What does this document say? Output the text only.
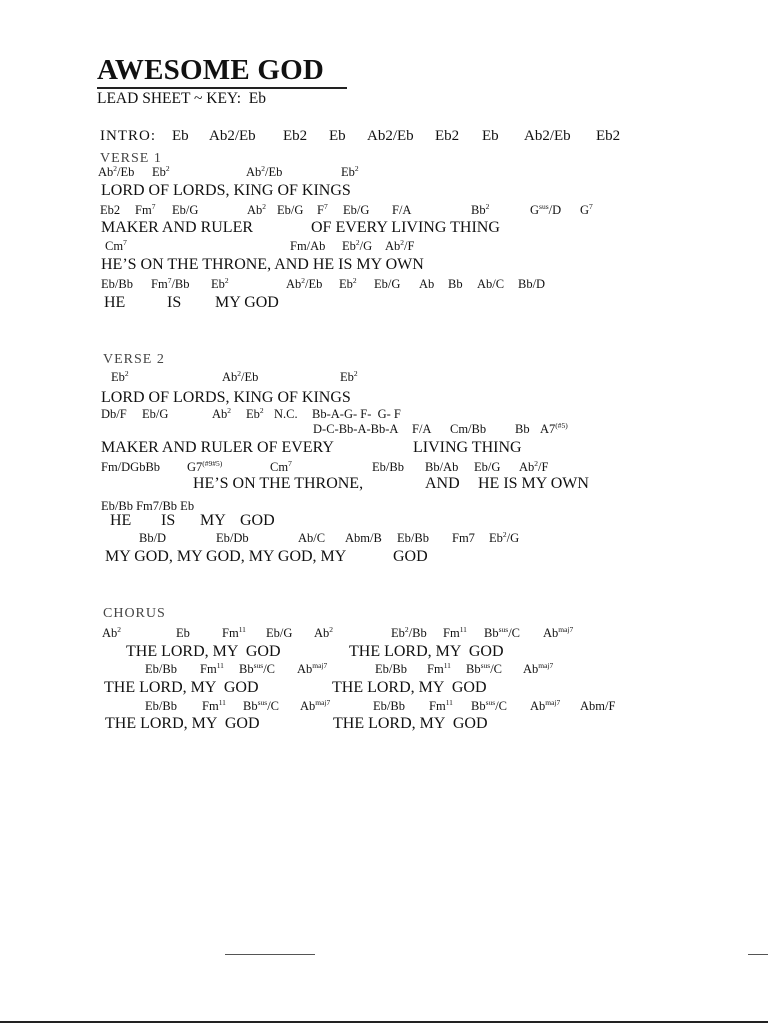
AWESOME GOD
LEAD SHEET ~ KEY:  Eb
INTRO: Eb Ab2/Eb Eb2 Eb Ab2/Eb Eb2 Eb Ab2/Eb Eb2
VERSE 1
Ab$^2$/Eb Eb$^2$	Ab$^2$/Eb	Eb$^2$
LORD OF LORDS, KING OF KINGS
Eb2 Fm$^7$ Eb/G	Ab$^2$ Eb/G $F^7$ Eb/G F/A	Bb$^2$	$G^{sus}/D$ $G^7$
MAKER AND RULER	OF EVERY LIVING THING
Cm$^7$	Fm/Ab Eb$^2$/G Ab$^2$/F
HE’S ON THE THRONE, AND HE IS MY OWN
Eb/Bb Fm$^7$/Bb Eb$^2$	Ab$^2$/Eb Eb$^2$ Eb/G Ab Bb Ab/C Bb/D
HE	IS MY GOD
VERSE 2
Eb$^2$	Ab$^2$/Eb	Eb$^2$
LORD OF LORDS, KING OF KINGS
Db/F Eb/G	Ab$^2$ Eb$^2$ N.C. Bb-A-G- F-  G- F
D-C-Bb-A-Bb-A F/A Cm/Bb Bb $A7^{(\#5)}$
MAKER AND RULER OF EVERY	LIVING THING
Fm/DGbBb $G7^{(\#9\#5)}$	Cm$^7$	Eb/Bb Bb/Ab Eb/G Ab$^2$/F
HE’S ON THE THRONE,	AND HE IS MY OWN
Eb/Bb Fm7/Bb Eb
HE IS MY GOD
Bb/D	Eb/Db	Ab/C Abm/B Eb/Bb Fm7 Eb$^2$/G
MY GOD, MY GOD, MY GOD, MY	GOD
CHORUS
Ab$^2$	Eb	Fm$^{11}$ Eb/G Ab$^2$	Eb$^2$/Bb Fm$^{11}$ $Bb^{sus}/C$ $Ab^{maj7}$
THE LORD, MY  GOD	THE LORD, MY  GOD
Eb/Bb Fm$^{11}$ $Bb^{sus}/C$ $Ab^{maj7}$	Eb/Bb Fm$^{11}$ $Bb^{sus}/C$ $Ab^{maj7}$
THE LORD, MY  GOD	THE LORD, MY  GOD
Eb/Bb Fm$^{11}$ $Bb^{sus}/C$ $Ab^{maj7}$	Eb/Bb Fm$^{11}$ $Bb^{sus}/C$ $Ab^{maj7}$ Abm/F
THE LORD, MY  GOD	THE LORD, MY  GOD
